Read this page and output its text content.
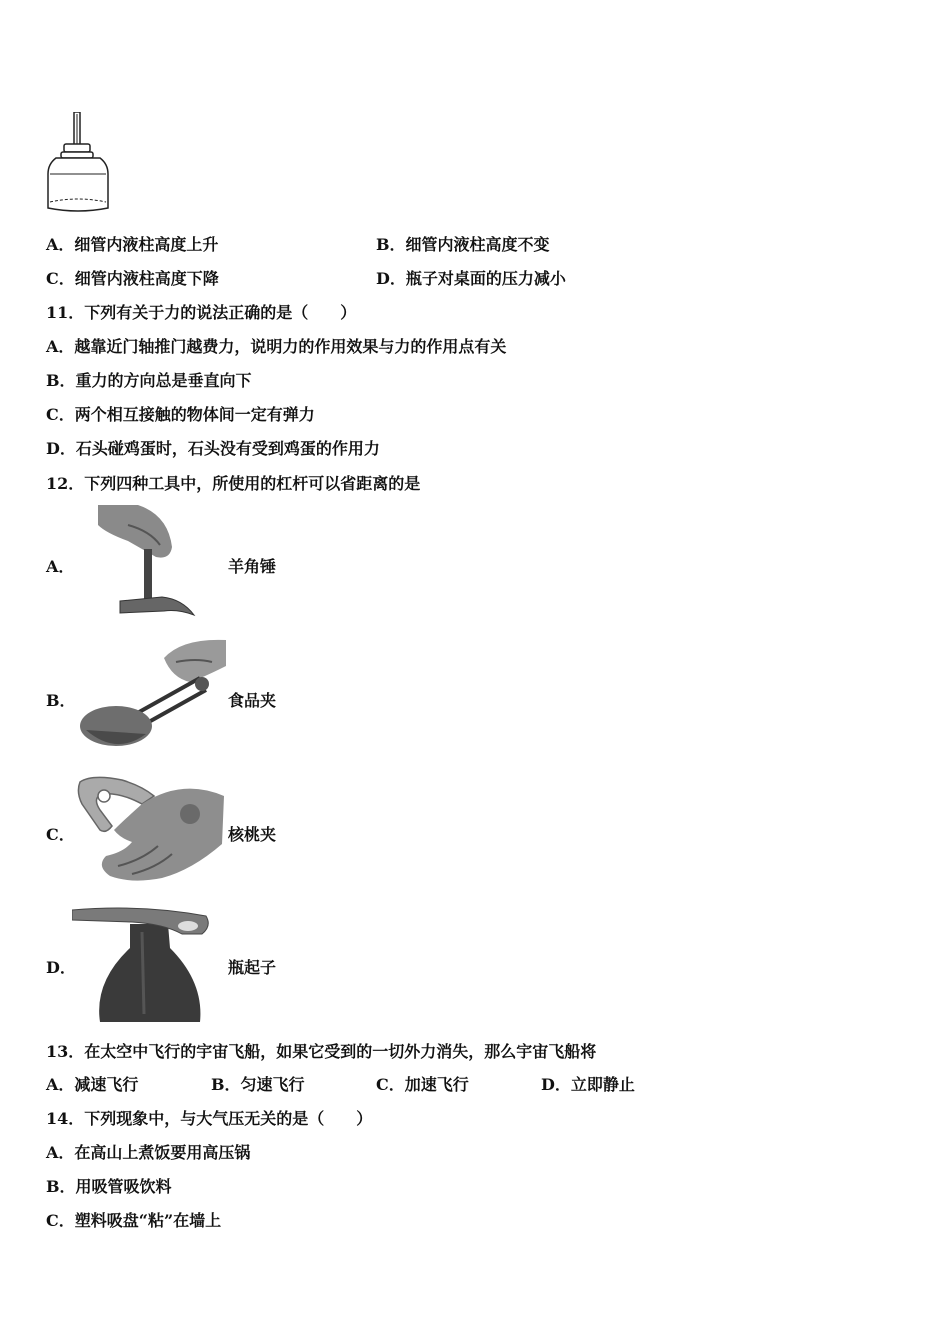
A．细管内液柱高度上升	B．细管内液柱高度不变
C．细管内液柱高度下降	D．瓶子对桌面的压力减小
11．下列有关于力的说法正确的是（　　）
A．越靠近门轴推门越费力，说明力的作用效果与力的作用点有关
B．重力的方向总是垂直向下
C．两个相互接触的物体间一定有弹力
D．石头碰鸡蛋时，石头没有受到鸡蛋的作用力
12．下列四种工具中，所使用的杠杆可以省距离的是
A．	羊角锤
B．	食品夹
C．	核桃夹
D．	瓶起子
13．在太空中飞行的宇宙飞船，如果它受到的一切外力消失，那么宇宙飞船将
A．减速飞行	B．匀速飞行	C．加速飞行	D．立即静止
14．下列现象中，与大气压无关的是（　　）
A．在高山上煮饭要用高压锅
B．用吸管吸饮料
C．塑料吸盘“粘”在墙上
